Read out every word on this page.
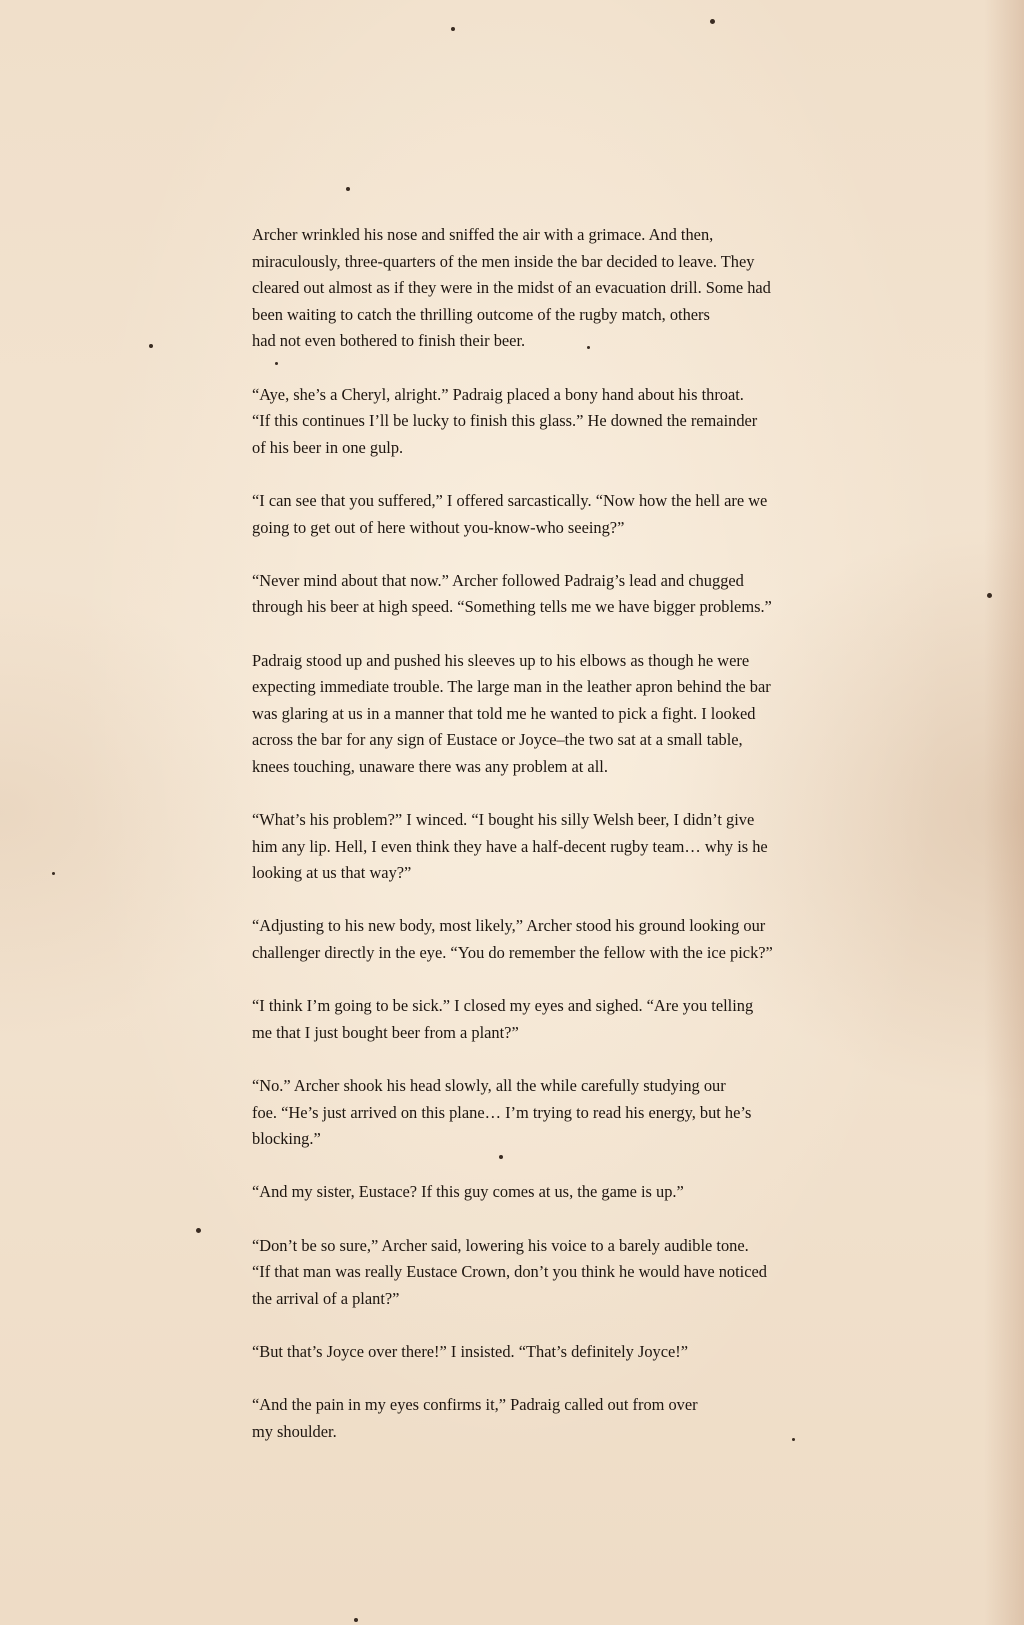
Archer wrinkled his nose and sniffed the air with a grimace. And then,
miraculously, three-quarters of the men inside the bar decided to leave. They
cleared out almost as if they were in the midst of an evacuation drill. Some had
been waiting to catch the thrilling outcome of the rugby match, others
had not even bothered to finish their beer.

“Aye, she’s a Cheryl, alright.” Padraig placed a bony hand about his throat.
“If this continues I’ll be lucky to finish this glass.” He downed the remainder
of his beer in one gulp.

“I can see that you suffered,” I offered sarcastically. “Now how the hell are we
going to get out of here without you-know-who seeing?”

“Never mind about that now.” Archer followed Padraig’s lead and chugged
through his beer at high speed. “Something tells me we have bigger problems.”

Padraig stood up and pushed his sleeves up to his elbows as though he were
expecting immediate trouble. The large man in the leather apron behind the bar
was glaring at us in a manner that told me he wanted to pick a fight. I looked
across the bar for any sign of Eustace or Joyce–the two sat at a small table,
knees touching, unaware there was any problem at all.

“What’s his problem?” I winced. “I bought his silly Welsh beer, I didn’t give
him any lip. Hell, I even think they have a half-decent rugby team… why is he
looking at us that way?”

“Adjusting to his new body, most likely,” Archer stood his ground looking our
challenger directly in the eye. “You do remember the fellow with the ice pick?”

“I think I’m going to be sick.” I closed my eyes and sighed. “Are you telling
me that I just bought beer from a plant?”

“No.” Archer shook his head slowly, all the while carefully studying our
foe. “He’s just arrived on this plane… I’m trying to read his energy, but he’s
blocking.”

“And my sister, Eustace? If this guy comes at us, the game is up.”

“Don’t be so sure,” Archer said, lowering his voice to a barely audible tone.
“If that man was really Eustace Crown, don’t you think he would have noticed
the arrival of a plant?”

“But that’s Joyce over there!” I insisted. “That’s definitely Joyce!”

“And the pain in my eyes confirms it,” Padraig called out from over
my shoulder.
